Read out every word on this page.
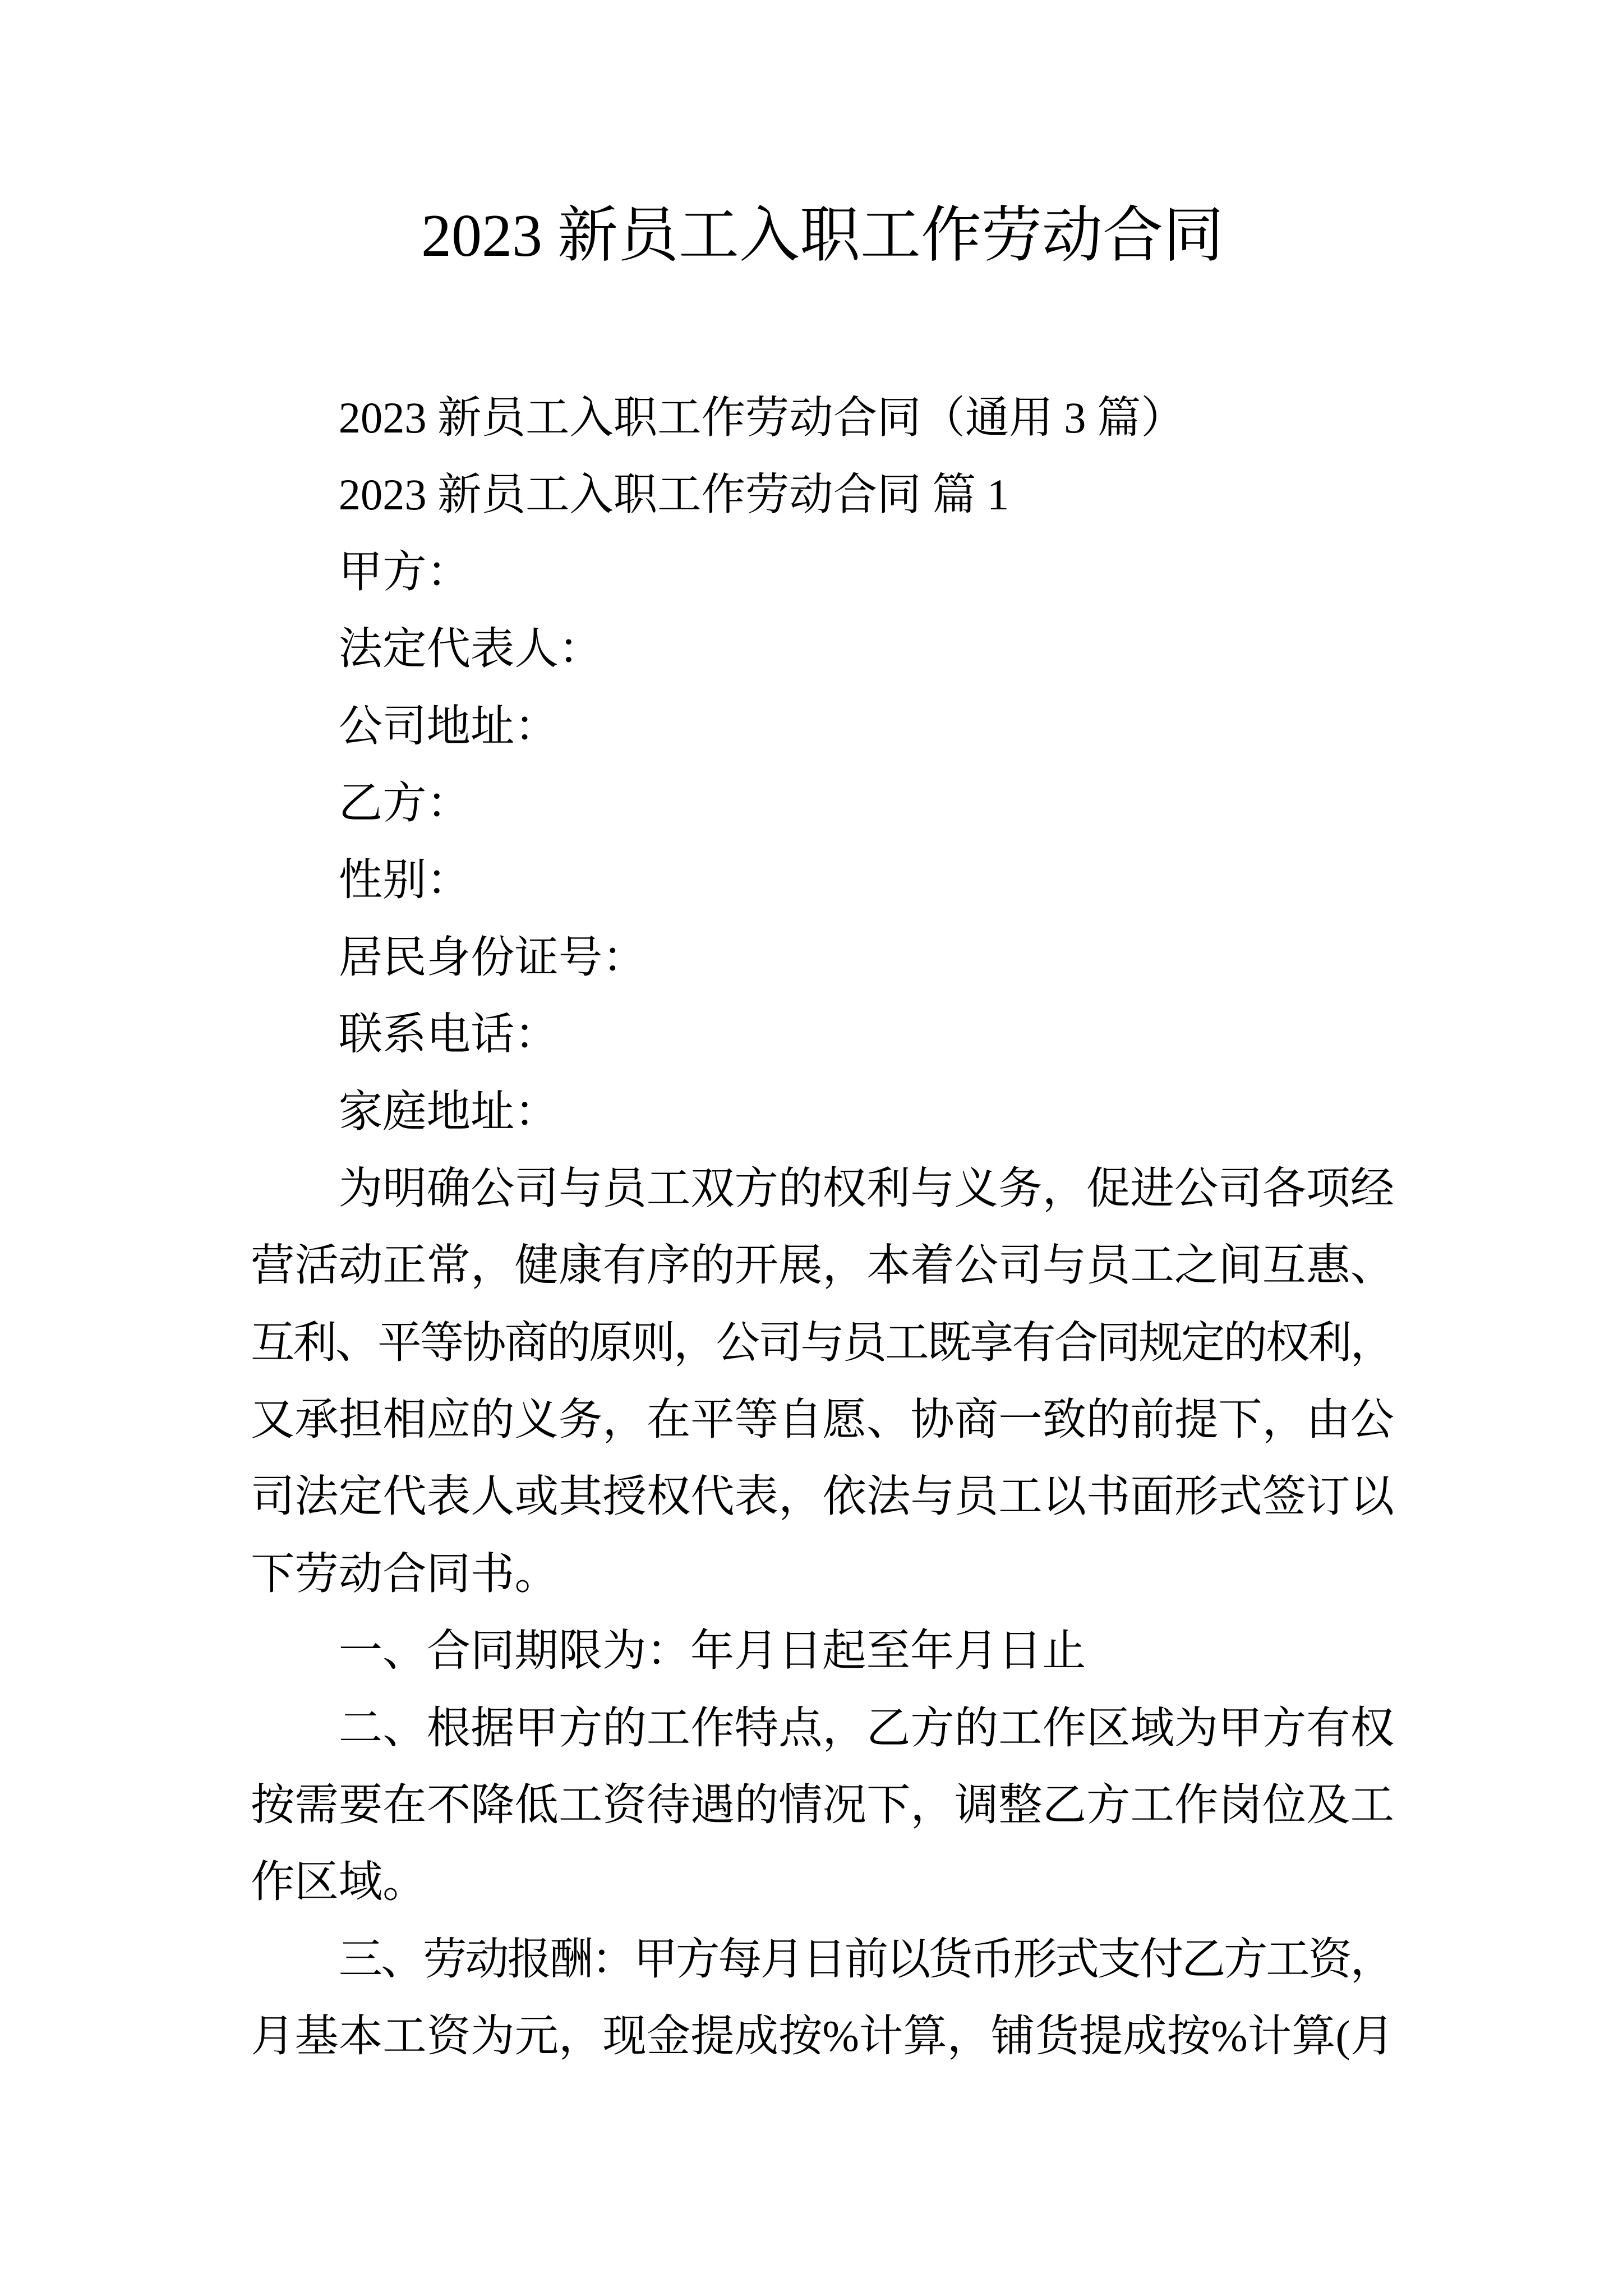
2023 新员工入职工作劳动合同
2023 新员工入职工作劳动合同（通用 3 篇）
2023 新员工入职工作劳动合同 篇 1
甲方：
法定代表人：
公司地址：
乙方：
性别：
居民身份证号：
联系电话：
家庭地址：
为明确公司与员工双方的权利与义务，促进公司各项经
营活动正常，健康有序的开展，本着公司与员工之间互惠、
互利、平等协商的原则，公司与员工既享有合同规定的权利，
又承担相应的义务，在平等自愿、协商一致的前提下，由公
司法定代表人或其授权代表，依法与员工以书面形式签订以
下劳动合同书。
一、合同期限为：年月日起至年月日止
二、根据甲方的工作特点，乙方的工作区域为甲方有权
按需要在不降低工资待遇的情况下，调整乙方工作岗位及工
作区域。
三、劳动报酬：甲方每月日前以货币形式支付乙方工资，
月基本工资为元，现金提成按%计算，铺货提成按%计算(月
